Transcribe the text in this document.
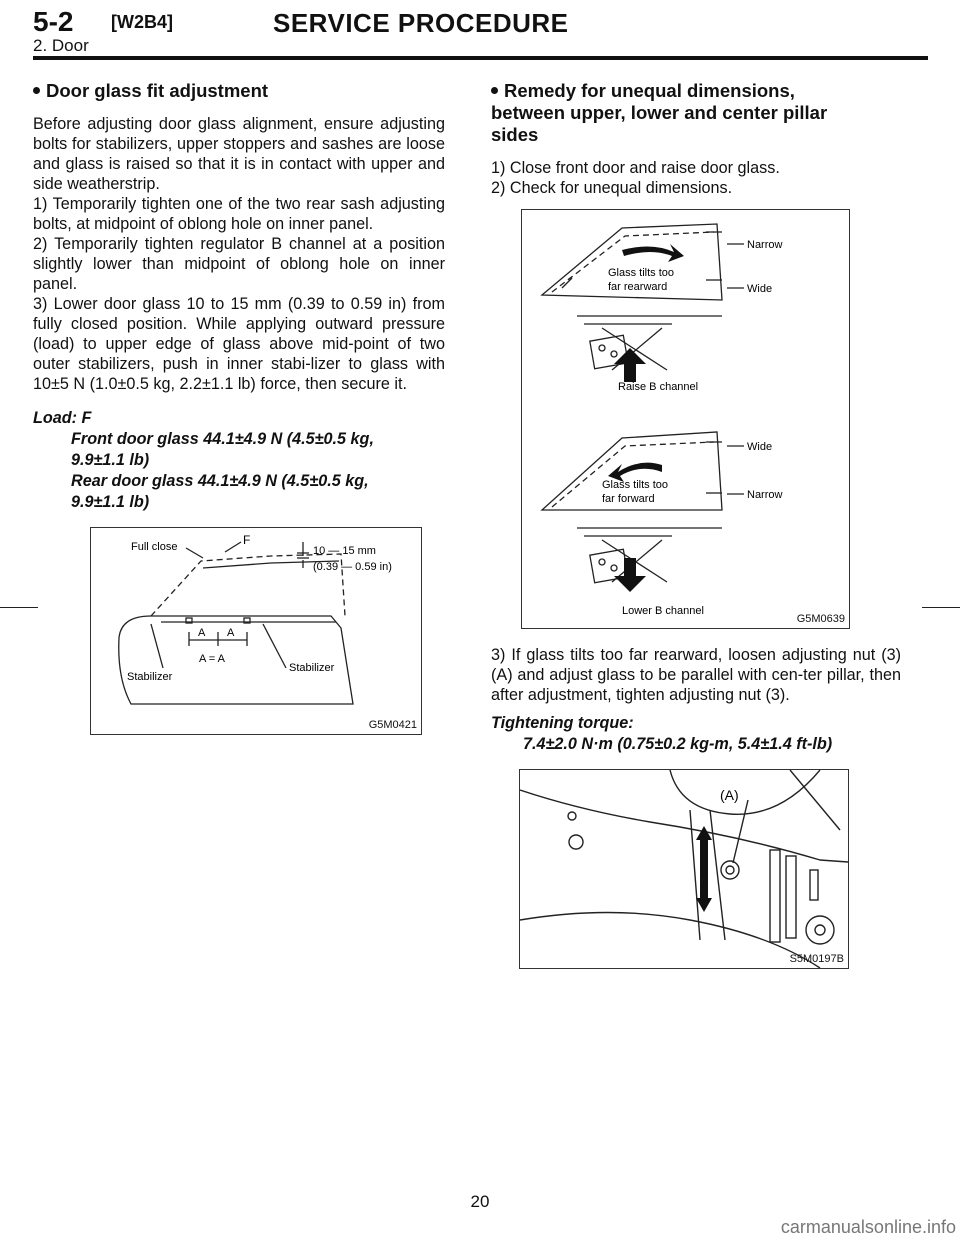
5-2 [W2B4]	SERVICE PROCEDURE
2. Door
Door glass fit adjustment

Before adjusting door glass alignment, ensure adjusting bolts for stabilizers, upper stoppers and sashes are loose and glass is raised so that it is in contact with upper and side weatherstrip.

1) Temporarily tighten one of the two rear sash adjusting bolts, at midpoint of oblong hole on inner panel.

2) Temporarily tighten regulator B channel at a position slightly lower than midpoint of oblong hole on inner panel.

3) Lower door glass 10 to 15 mm (0.39 to 0.59 in) from fully closed position. While applying outward pressure (load) to upper edge of glass above mid-point of two outer stabilizers, push in inner stabi-lizer to glass with 10±5 N (1.0±0.5 kg, 2.2±1.1 lb) force, then secure it.

Load: F
Front door glass 44.1±4.9 N (4.5±0.5 kg,
9.9±1.1 lb)
Rear door glass 44.1±4.9 N (4.5±0.5 kg,
9.9±1.1 lb)
Full close	F
10 — 15 mm
(0.39 — 0.59 in)
A A
A = A
Stabilizer
Stabilizer
G5M0421
Remedy for unequal dimensions,
between upper, lower and center pillar
sides

1) Close front door and raise door glass.

2) Check for unequal dimensions.

Narrow
Wide
Glass tilts too
far rearward
Raise B channel
Wide
Narrow
Glass tilts too
far forward
Lower B channel
G5M0639

3) If glass tilts too far rearward, loosen adjusting nut (3) (A) and adjust glass to be parallel with cen-ter pillar, then after adjustment, tighten adjusting nut (3).

Tightening torque:
7.4±2.0 N·m (0.75±0.2 kg-m, 5.4±1.4 ft-lb)
(A)
S5M0197B
20
carmanualsonline.info
